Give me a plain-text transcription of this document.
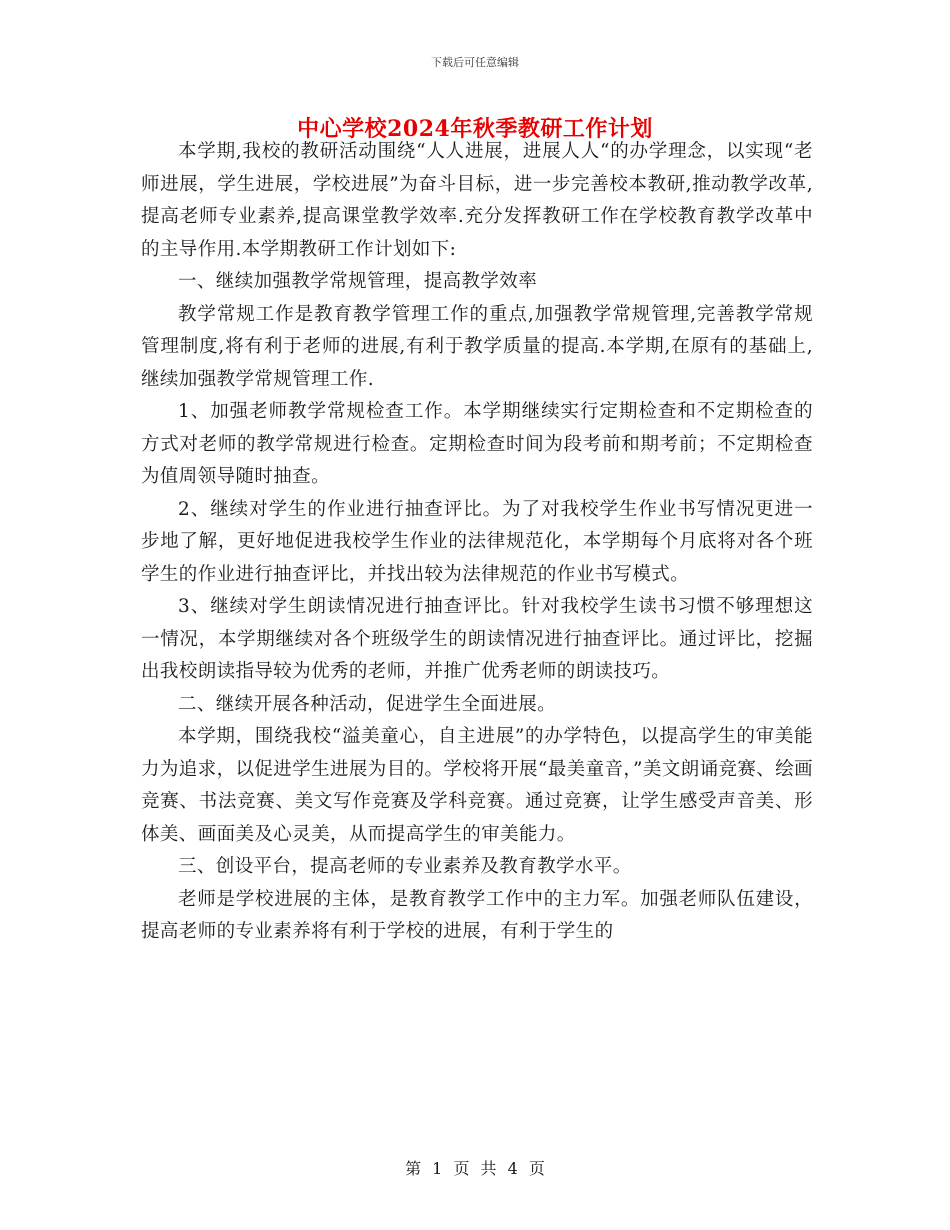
下载后可任意编辑
中心学校2024年秋季教研工作计划

本学期,我校的教研活动围绕“人人进展，进展人人“的办学理念，以实现“老师进展，学生进展，学校进展”为奋斗目标，进一步完善校本教研,推动教学改革,提高老师专业素养,提高课堂教学效率.充分发挥教研工作在学校教育教学改革中的主导作用.本学期教研工作计划如下:

一、继续加强教学常规管理，提高教学效率

教学常规工作是教育教学管理工作的重点,加强教学常规管理,完善教学常规管理制度,将有利于老师的进展,有利于教学质量的提高.本学期,在原有的基础上,继续加强教学常规管理工作.

1、加强老师教学常规检查工作。本学期继续实行定期检查和不定期检查的方式对老师的教学常规进行检查。定期检查时间为段考前和期考前；不定期检查为值周领导随时抽查。

2、继续对学生的作业进行抽查评比。为了对我校学生作业书写情况更进一步地了解，更好地促进我校学生作业的法律规范化，本学期每个月底将对各个班学生的作业进行抽查评比，并找出较为法律规范的作业书写模式。

3、继续对学生朗读情况进行抽查评比。针对我校学生读书习惯不够理想这一情况，本学期继续对各个班级学生的朗读情况进行抽查评比。通过评比，挖掘出我校朗读指导较为优秀的老师，并推广优秀老师的朗读技巧。

二、继续开展各种活动，促进学生全面进展。

本学期，围绕我校“溢美童心，自主进展”的办学特色，以提高学生的审美能力为追求，以促进学生进展为目的。学校将开展“最美童音，”美文朗诵竞赛、绘画竞赛、书法竞赛、美文写作竞赛及学科竞赛。通过竞赛，让学生感受声音美、形体美、画面美及心灵美，从而提高学生的审美能力。

三、创设平台，提高老师的专业素养及教育教学水平。

老师是学校进展的主体，是教育教学工作中的主力军。加强老师队伍建设，提高老师的专业素养将有利于学校的进展，有利于学生的

第 1 页 共 4 页
